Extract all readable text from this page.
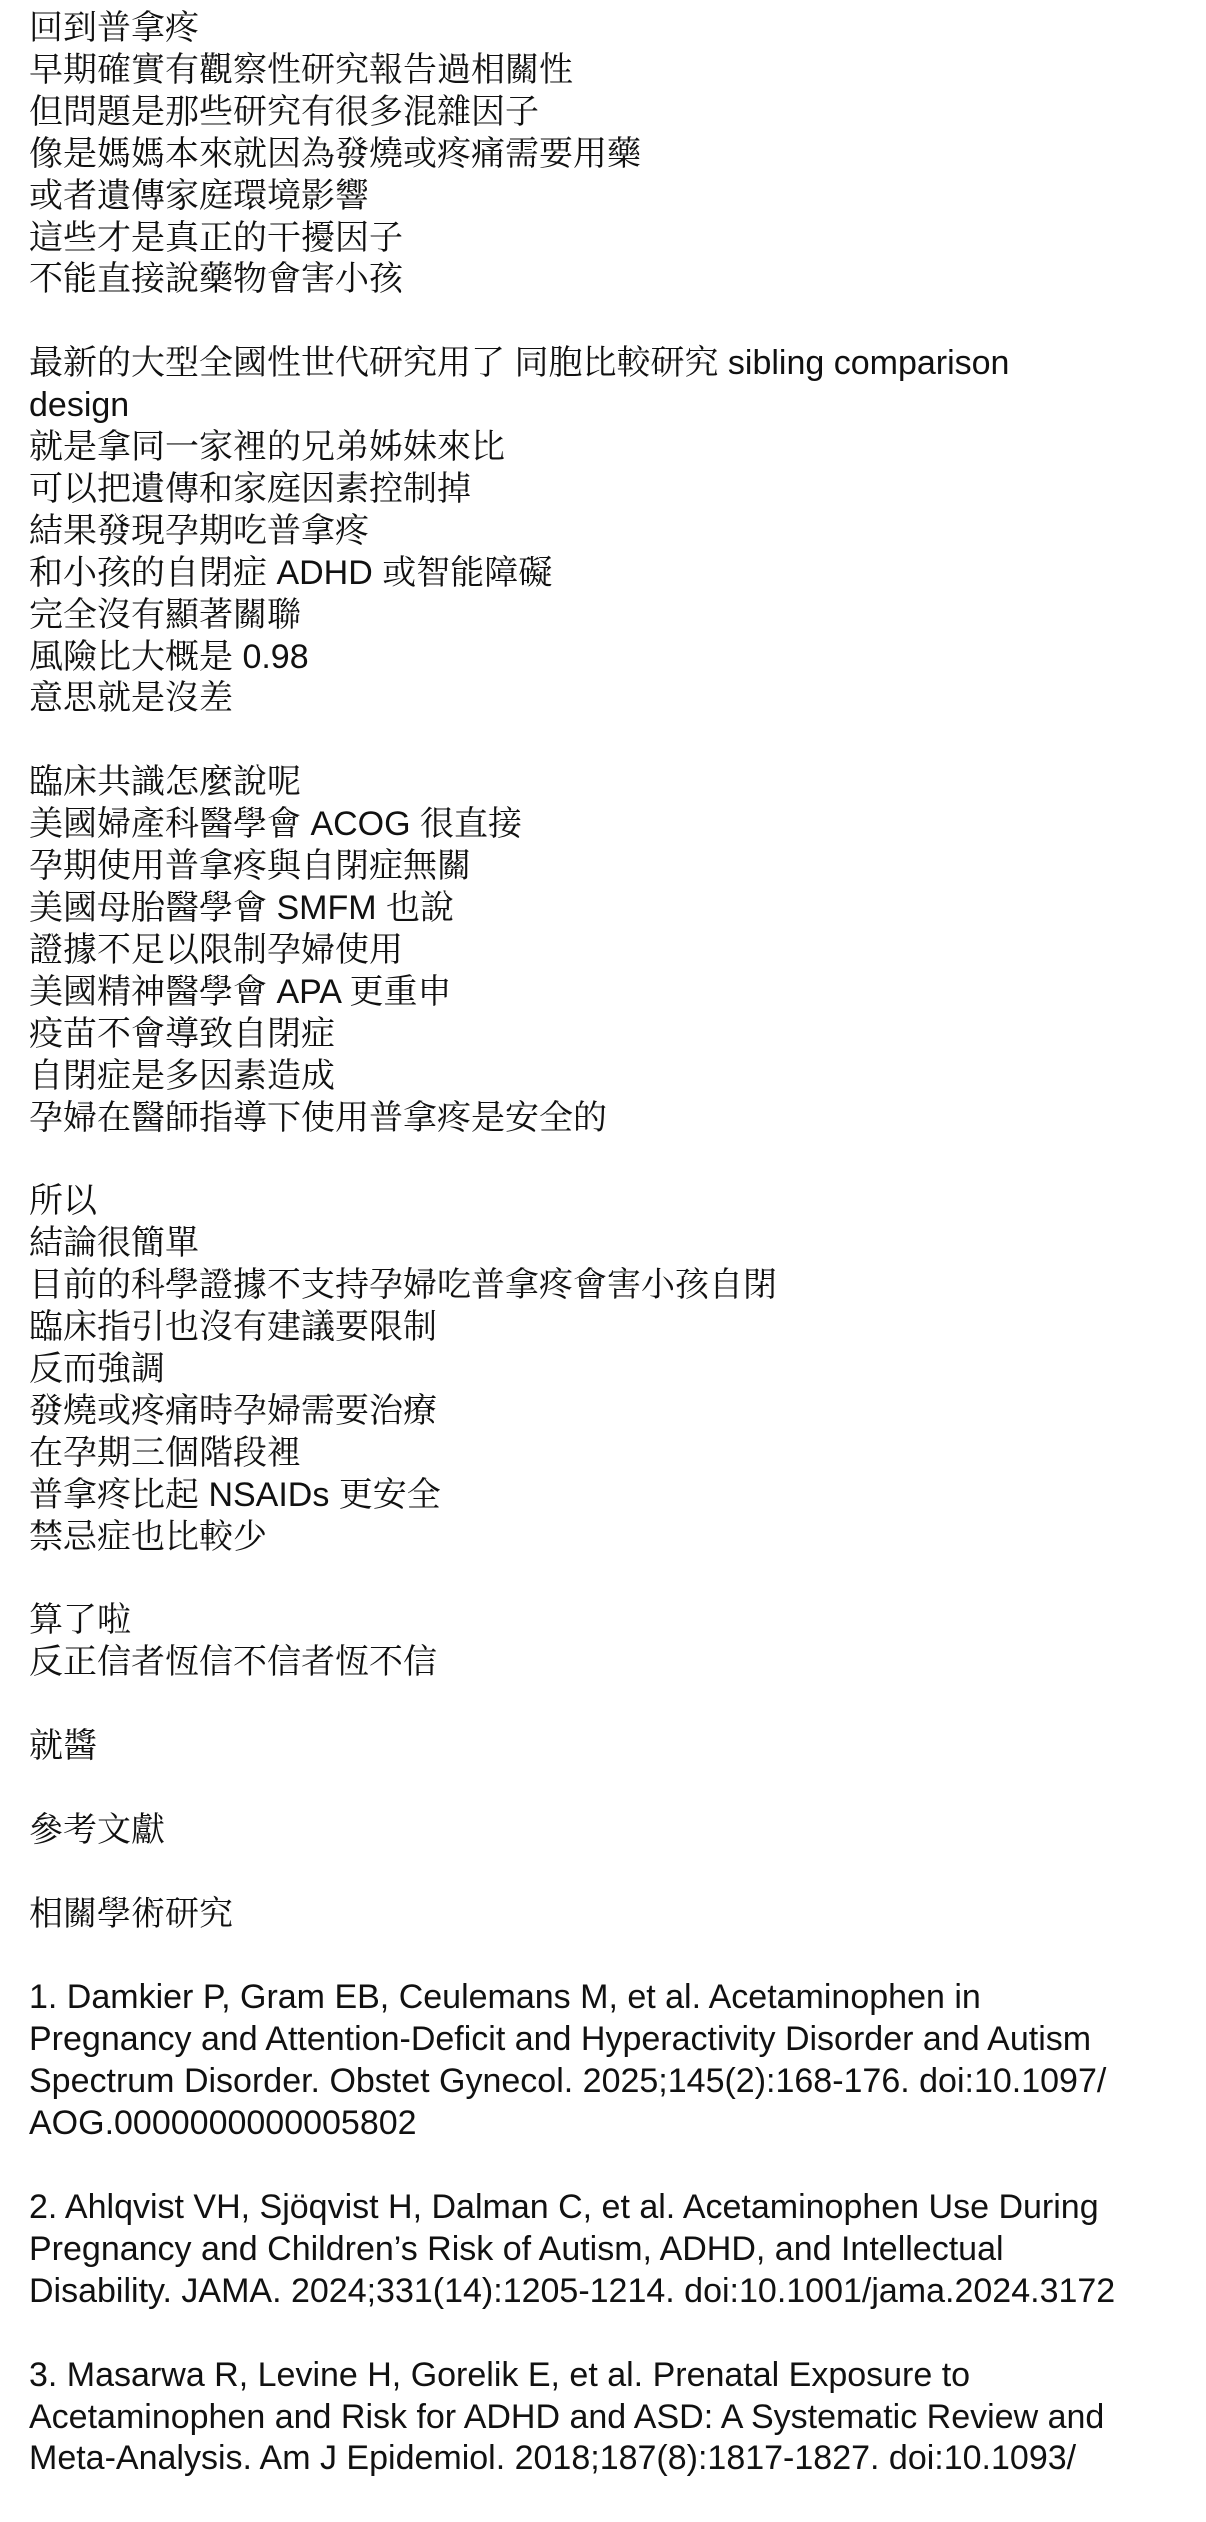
回到普拿疼
早期確實有觀察性研究報告過相關性
但問題是那些研究有很多混雜因子
像是媽媽本來就因為發燒或疼痛需要用藥
或者遺傳家庭環境影響
這些才是真正的干擾因子
不能直接說藥物會害小孩
最新的大型全國性世代研究用了 同胞比較研究 sibling comparison
design
就是拿同一家裡的兄弟姊妹來比
可以把遺傳和家庭因素控制掉
結果發現孕期吃普拿疼
和小孩的自閉症 ADHD 或智能障礙
完全沒有顯著關聯
風險比大概是 0.98
意思就是沒差
臨床共識怎麼說呢
美國婦產科醫學會 ACOG 很直接
孕期使用普拿疼與自閉症無關
美國母胎醫學會 SMFM 也說
證據不足以限制孕婦使用
美國精神醫學會 APA 更重申
疫苗不會導致自閉症
自閉症是多因素造成
孕婦在醫師指導下使用普拿疼是安全的
所以
結論很簡單
目前的科學證據不支持孕婦吃普拿疼會害小孩自閉
臨床指引也沒有建議要限制
反而強調
發燒或疼痛時孕婦需要治療
在孕期三個階段裡
普拿疼比起 NSAIDs 更安全
禁忌症也比較少
算了啦
反正信者恆信不信者恆不信
就醬
參考文獻
相關學術研究
1. Damkier P, Gram EB, Ceulemans M, et al. Acetaminophen in
Pregnancy and Attention-Deficit and Hyperactivity Disorder and Autism
Spectrum Disorder. Obstet Gynecol. 2025;145(2):168-176. doi:10.1097/
AOG.0000000000005802
2. Ahlqvist VH, Sjöqvist H, Dalman C, et al. Acetaminophen Use During
Pregnancy and Children’s Risk of Autism, ADHD, and Intellectual
Disability. JAMA. 2024;331(14):1205-1214. doi:10.1001/jama.2024.3172
3. Masarwa R, Levine H, Gorelik E, et al. Prenatal Exposure to
Acetaminophen and Risk for ADHD and ASD: A Systematic Review and
Meta-Analysis. Am J Epidemiol. 2018;187(8):1817-1827. doi:10.1093/
